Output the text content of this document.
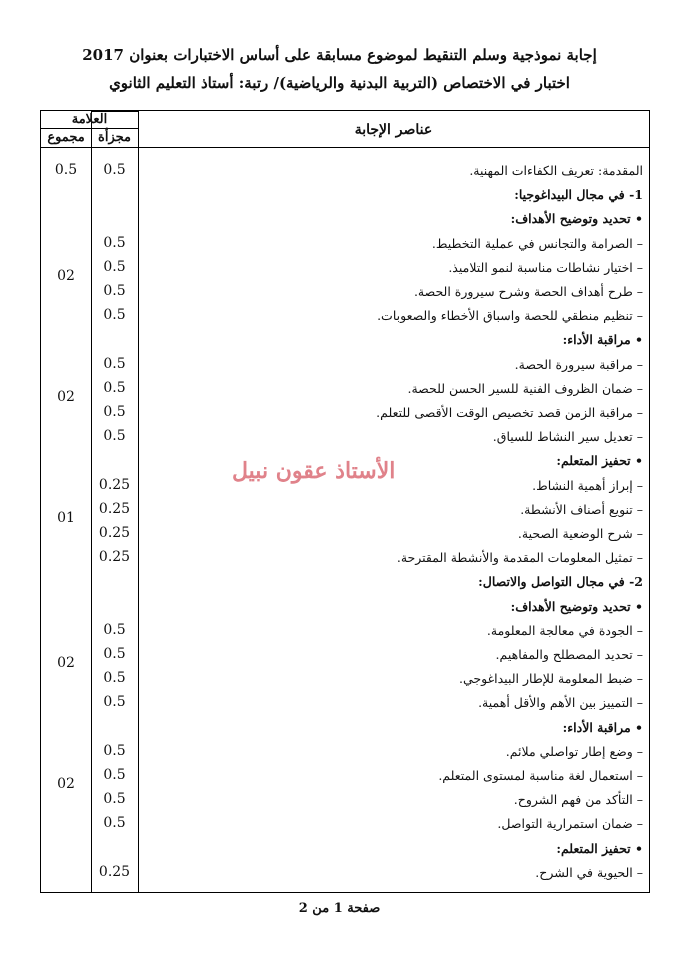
إجابة نموذجية وسلم التنقيط لموضوع مسابقة على أساس الاختبارات بعنوان 2017
اختبار في الاختصاص (التربية البدنية والرياضية)/ رتبة: أستاذ التعليم الثانوي
العلامة
مجزأة
مجموع	عناصر الإجابة
المقدمة: تعريف الكفاءات المهنية.
0.5
0.5
1- في مجال البيداغوجيا:
• تحديد وتوضيح الأهداف:
– الصرامة والتجانس في عملية التخطيط.
0.5
– اختيار نشاطات مناسبة لنمو التلاميذ.
0.5
02
– طرح أهداف الحصة وشرح سيرورة الحصة.
0.5
– تنظيم منطقي للحصة واسباق الأخطاء والصعوبات.
0.5
• مراقبة الأداء:
– مراقبة سيرورة الحصة.
0.5
– ضمان الظروف الفنية للسير الحسن للحصة.
0.5
02
– مراقبة الزمن قصد تخصيص الوقت الأقصى للتعلم.
0.5
– تعديل سير النشاط للسياق.
0.5
• تحفيز المتعلم:
– إبراز أهمية النشاط.
0.25
– تنويع أصناف الأنشطة.
0.25
01
– شرح الوضعية الصحية.
0.25
– تمثيل المعلومات المقدمة والأنشطة المقترحة.
0.25
2- في مجال التواصل والاتصال:
• تحديد وتوضيح الأهداف:
– الجودة في معالجة المعلومة.
0.5
– تحديد المصطلح والمفاهيم.
0.5
02
– ضبط المعلومة للإطار البيداغوجي.
0.5
– التمييز بين الأهم والأقل أهمية.
0.5
• مراقبة الأداء:
– وضع إطار تواصلي ملائم.
0.5
– استعمال لغة مناسبة لمستوى المتعلم.
0.5
02
– التأكد من فهم الشروح.
0.5
– ضمان استمرارية التواصل.
0.5
• تحفيز المتعلم:
– الحيوية في الشرح.
0.25
الأستاذ عقون نبيل
صفحة 1 من 2
